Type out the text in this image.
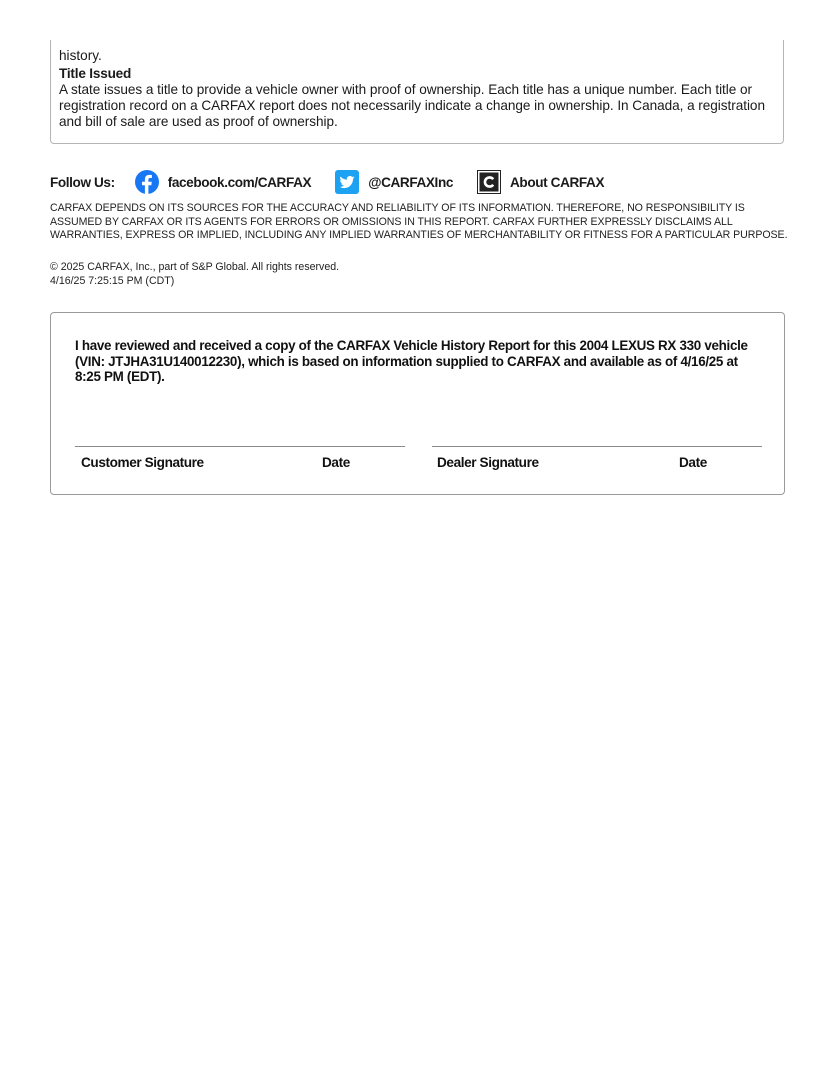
history.
Title Issued
A state issues a title to provide a vehicle owner with proof of ownership. Each title has a unique number. Each title or registration record on a CARFAX report does not necessarily indicate a change in ownership. In Canada, a registration and bill of sale are used as proof of ownership.
Follow Us:	facebook.com/CARFAX	@CARFAXInc	About CARFAX
CARFAX DEPENDS ON ITS SOURCES FOR THE ACCURACY AND RELIABILITY OF ITS INFORMATION. THEREFORE, NO RESPONSIBILITY IS ASSUMED BY CARFAX OR ITS AGENTS FOR ERRORS OR OMISSIONS IN THIS REPORT. CARFAX FURTHER EXPRESSLY DISCLAIMS ALL WARRANTIES, EXPRESS OR IMPLIED, INCLUDING ANY IMPLIED WARRANTIES OF MERCHANTABILITY OR FITNESS FOR A PARTICULAR PURPOSE.
© 2025 CARFAX, Inc., part of S&P Global. All rights reserved.
4/16/25 7:25:15 PM (CDT)
I have reviewed and received a copy of the CARFAX Vehicle History Report for this 2004 LEXUS RX 330 vehicle (VIN: JTJHA31U140012230), which is based on information supplied to CARFAX and available as of 4/16/25 at 8:25 PM (EDT).
Customer Signature	Date	Dealer Signature	Date
